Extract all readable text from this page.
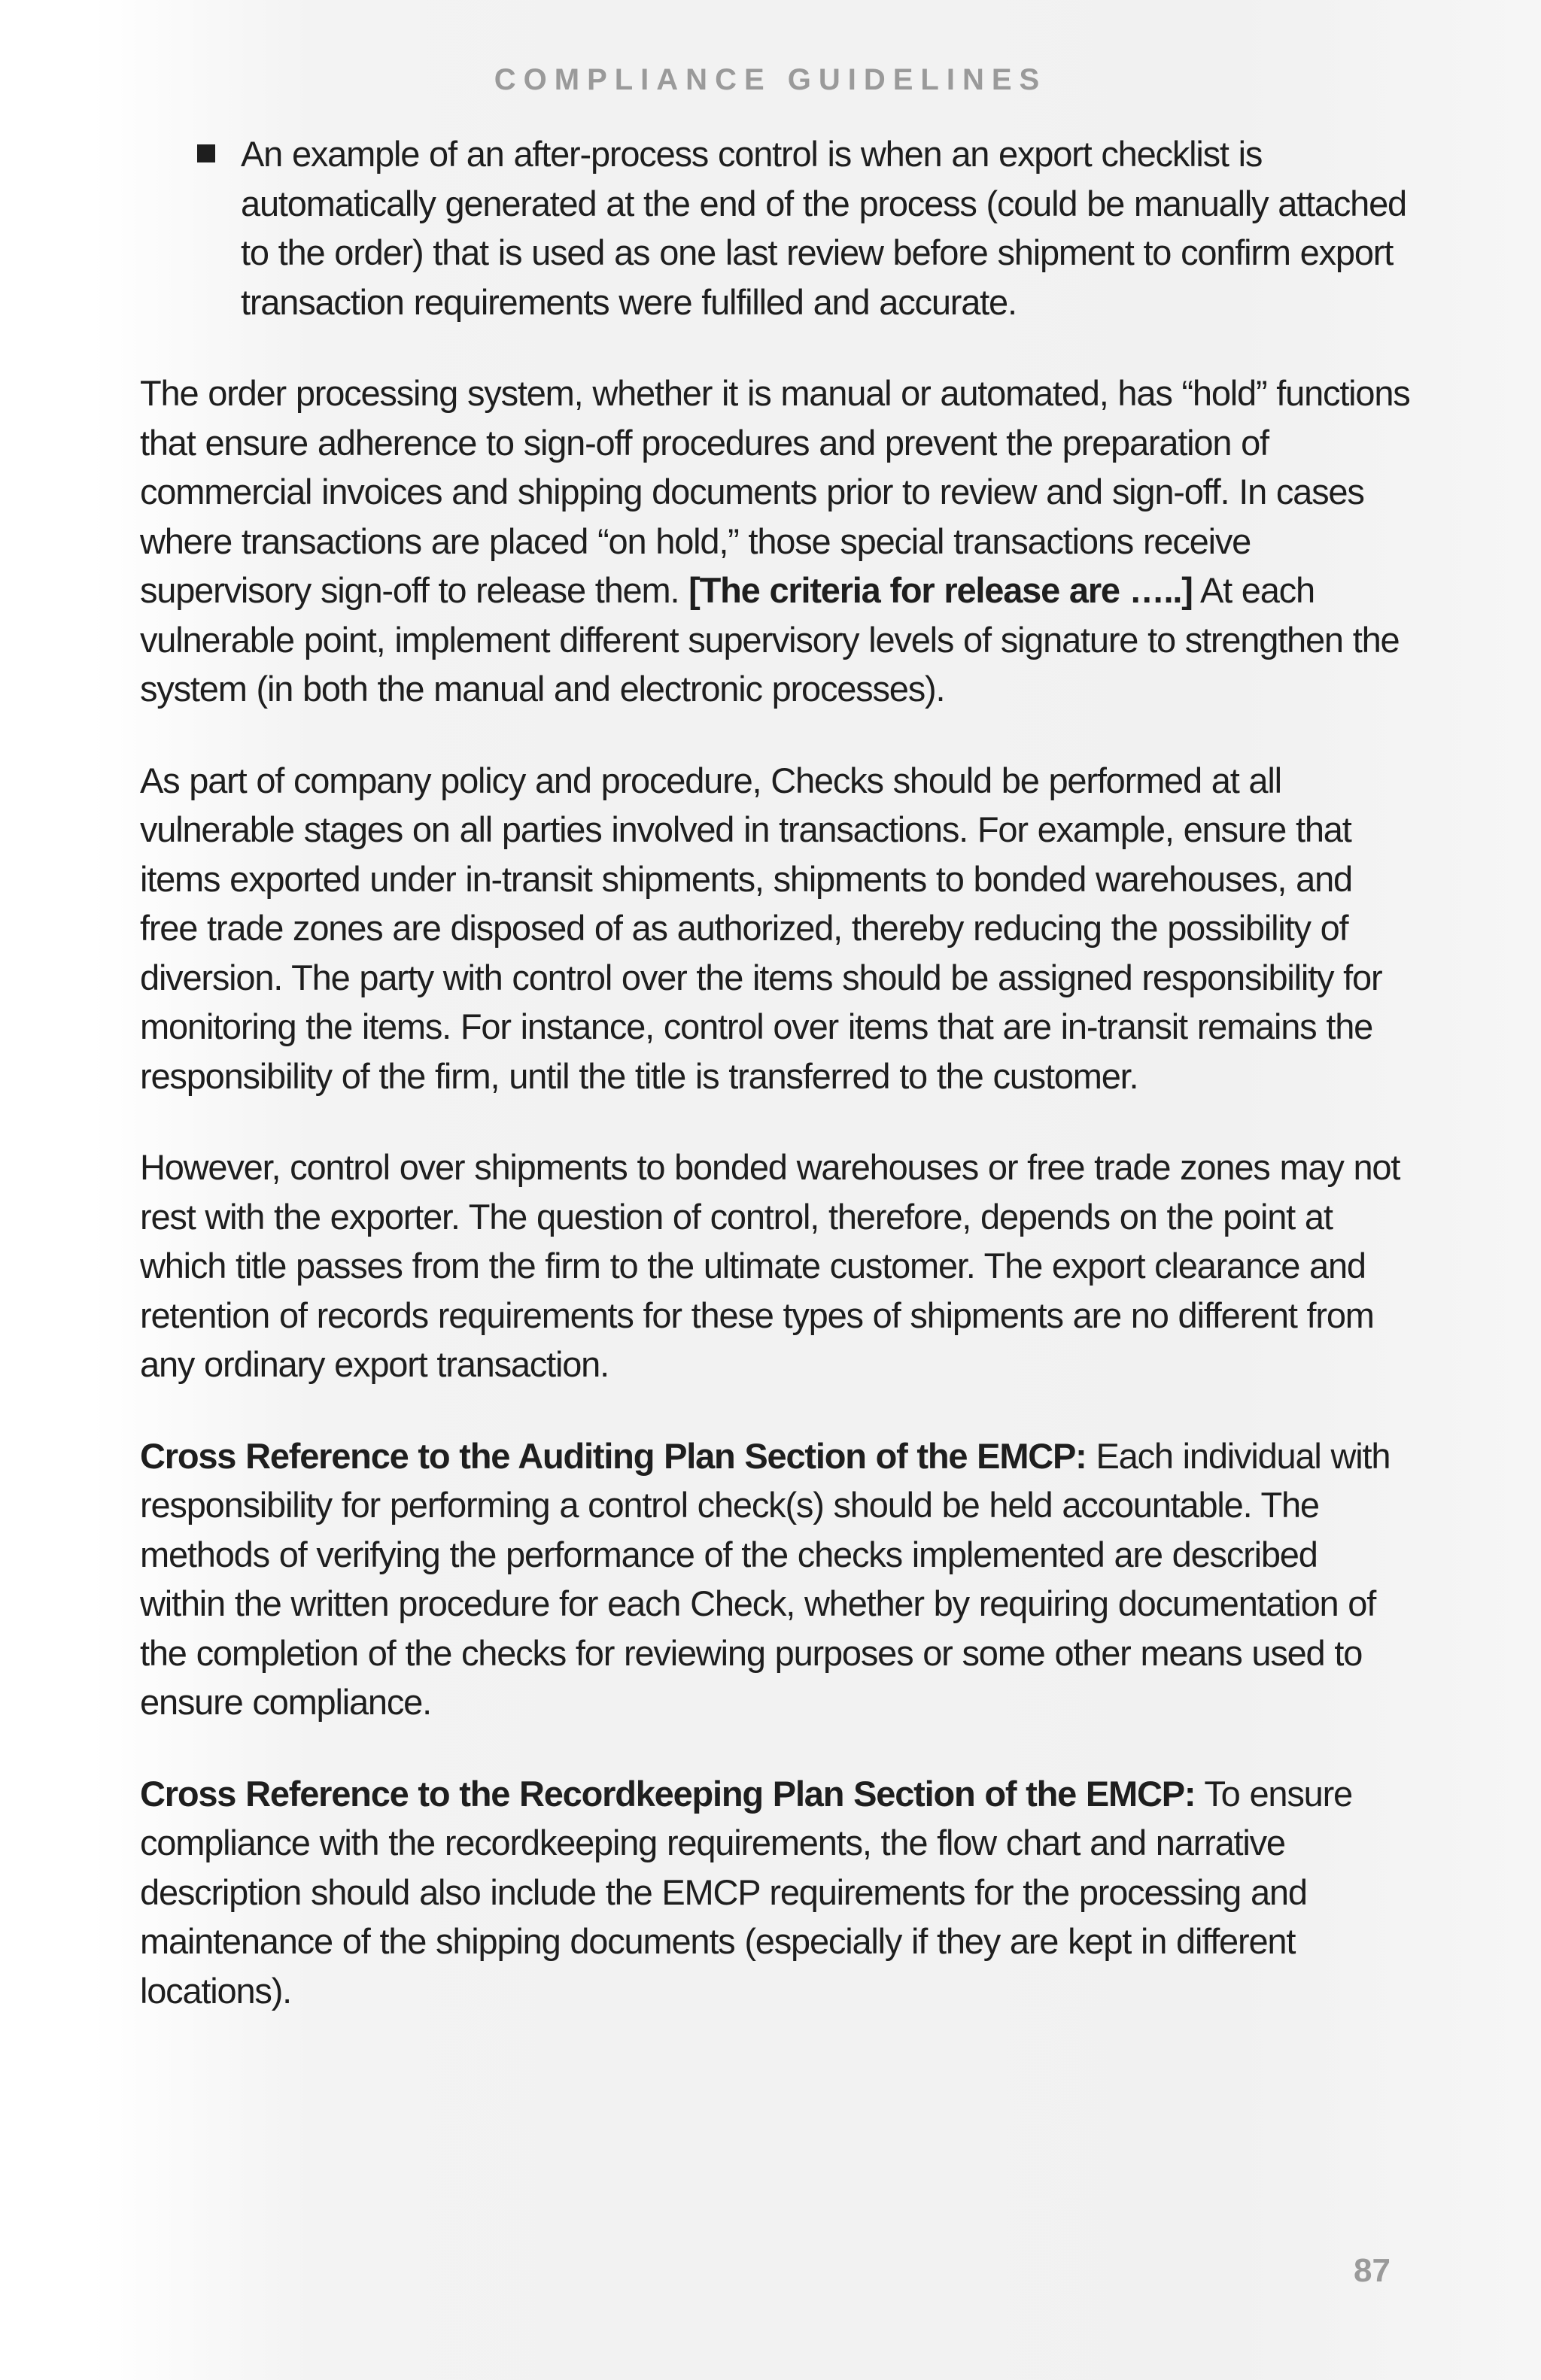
COMPLIANCE GUIDELINES
An example of an after-process control is when an export checklist is automatically generated at the end of the process (could be manually attached to the order) that is used as one last review before shipment to confirm export transaction requirements were fulfilled and accurate.

The order processing system, whether it is manual or automated, has “hold” functions that ensure adherence to sign-off procedures and prevent the preparation of commercial invoices and shipping documents prior to review and sign-off. In cases where transactions are placed “on hold,” those special transactions receive supervisory sign-off to release them. [The criteria for release are …..] At each vulnerable point, implement different supervisory levels of signature to strengthen the system (in both the manual and electronic processes).

As part of company policy and procedure, Checks should be performed at all vulnerable stages on all parties involved in transactions. For example, ensure that items exported under in-transit shipments, shipments to bonded warehouses, and free trade zones are disposed of as authorized, thereby reducing the possibility of diversion. The party with control over the items should be assigned responsibility for monitoring the items. For instance, control over items that are in-transit remains the responsibility of the firm, until the title is transferred to the customer.

However, control over shipments to bonded warehouses or free trade zones may not rest with the exporter. The question of control, therefore, depends on the point at which title passes from the firm to the ultimate customer. The export clearance and retention of records requirements for these types of shipments are no different from any ordinary export transaction.

Cross Reference to the Auditing Plan Section of the EMCP: Each individual with responsibility for performing a control check(s) should be held accountable. The methods of verifying the performance of the checks implemented are described within the written procedure for each Check, whether by requiring documentation of the completion of the checks for reviewing purposes or some other means used to ensure compliance.

Cross Reference to the Recordkeeping Plan Section of the EMCP: To ensure compliance with the recordkeeping requirements, the flow chart and narrative description should also include the EMCP requirements for the processing and maintenance of the shipping documents (especially if they are kept in different locations).

87
